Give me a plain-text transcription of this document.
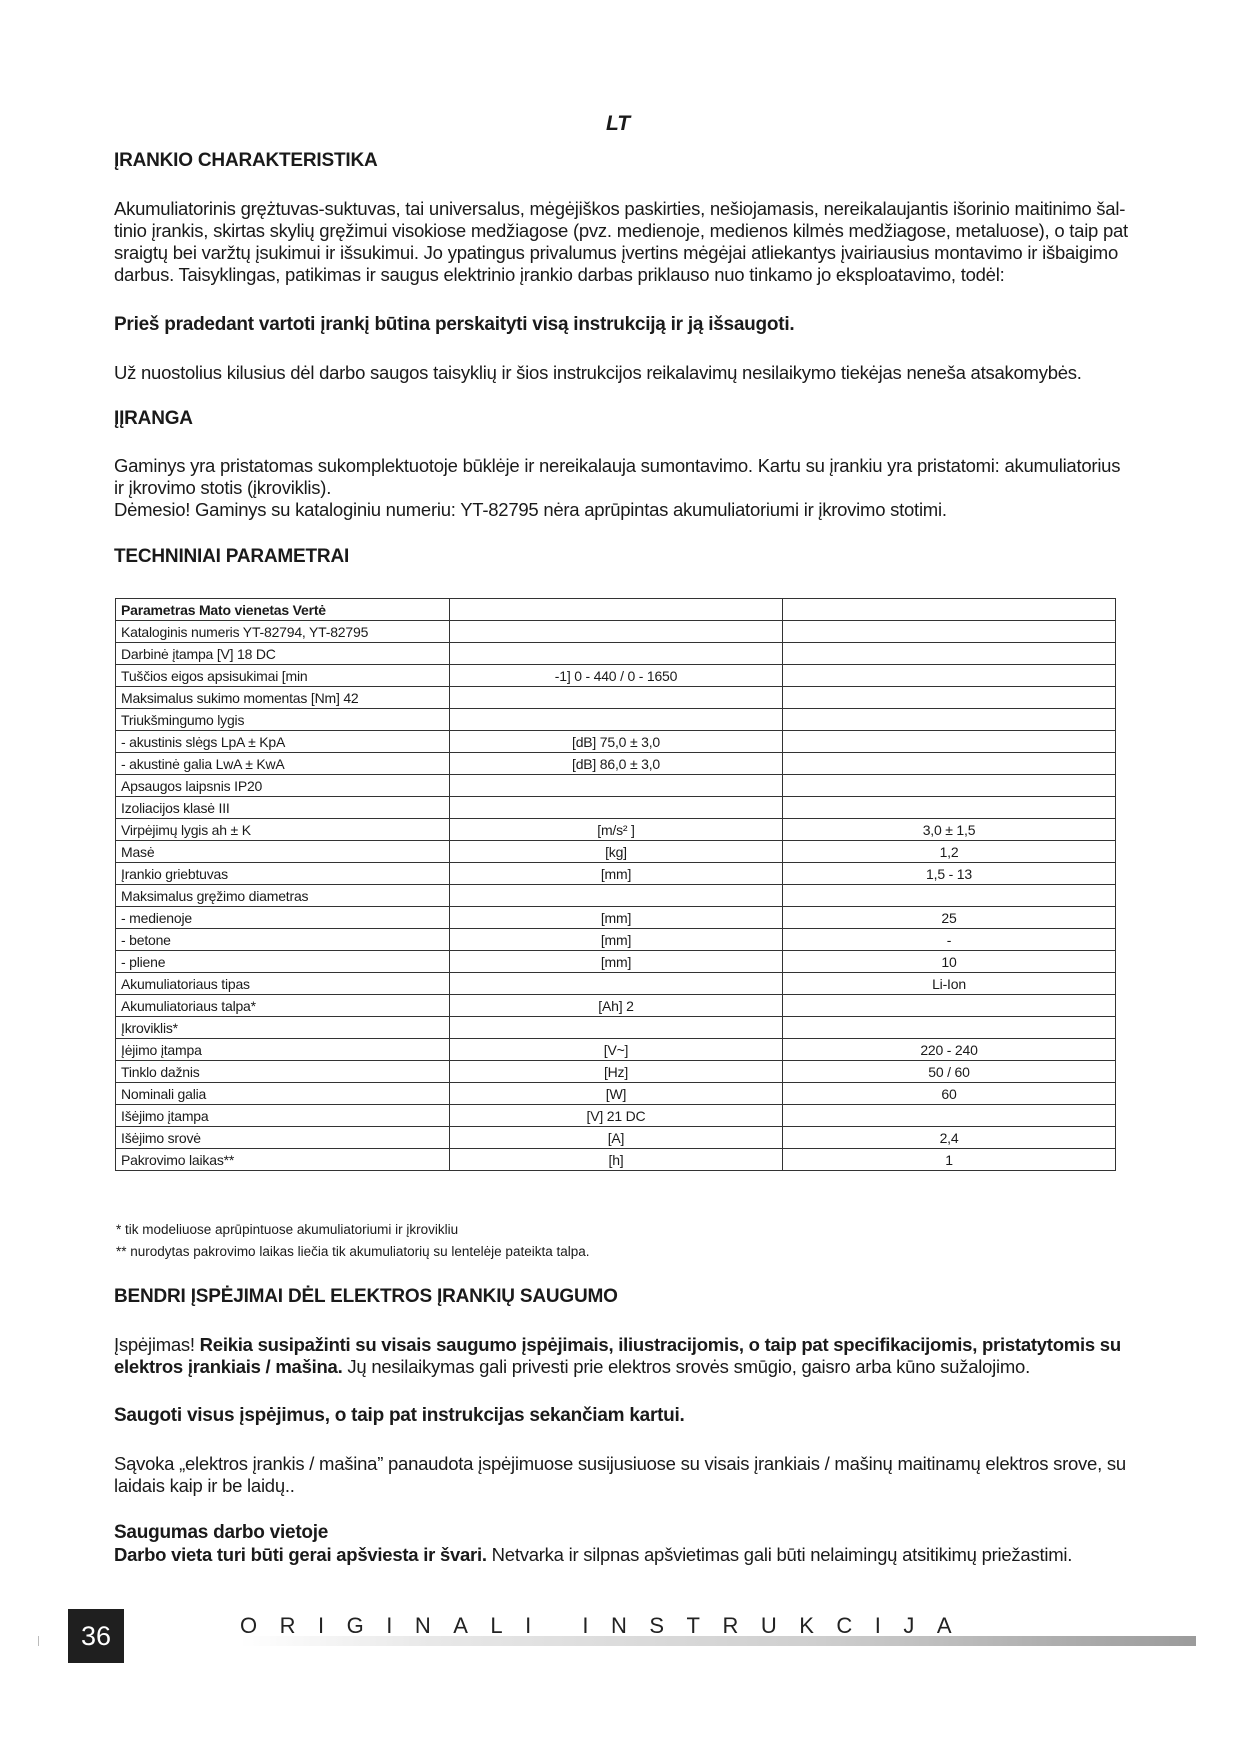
LT
ĮRANKIO CHARAKTERISTIKA
Akumuliatorinis grężtuvas-suktuvas, tai universalus, mėgėjiškos paskirties, nešiojamasis, nereikalaujantis išorinio maitinimo šal-
tinio įrankis, skirtas skylių gręžimui visokiose medžiagose (pvz. medienoje, medienos kilmės medžiagose, metaluose), o taip pat
sraigtų bei varžtų įsukimui ir išsukimui. Jo ypatingus privalumus įvertins mėgėjai atliekantys įvairiausius montavimo ir išbaigimo
darbus. Taisyklingas, patikimas ir saugus elektrinio įrankio darbas priklauso nuo tinkamo jo eksploatavimo, todėl:
Prieš pradedant vartoti įrankį būtina perskaityti visą instrukciją ir ją išsaugoti.
Už nuostolius kilusius dėl darbo saugos taisyklių ir šios instrukcijos reikalavimų nesilaikymo tiekėjas neneša atsakomybės.
ĮĮRANGA
Gaminys yra pristatomas sukomplektuotoje būklėje ir nereikalauja sumontavimo. Kartu su įrankiu yra pristatomi: akumuliatorius
ir įkrovimo stotis (įkroviklis).
Dėmesio! Gaminys su kataloginiu numeriu: YT-82795 nėra aprūpintas akumuliatoriumi ir įkrovimo stotimi.
TECHNINIAI PARAMETRAI
Parametras Mato vienetas Vertė		
Kataloginis numeris YT-82794, YT-82795		
Darbinė įtampa [V] 18 DC		
Tuščios eigos apsisukimai [min	-1] 0 - 440 / 0 - 1650	
Maksimalus sukimo momentas [Nm] 42		
Triukšmingumo lygis		
- akustinis slėgs LpA ± KpA	[dB] 75,0 ± 3,0	
- akustinė galia LwA ± KwA	[dB] 86,0 ± 3,0	
Apsaugos laipsnis IP20		
Izoliacijos klasė III		
Virpėjimų lygis ah ± K	[m/s² ]	3,0 ± 1,5
Masė	[kg]	1,2
Įrankio griebtuvas	[mm]	1,5 - 13
Maksimalus gręžimo diametras		
- medienoje	[mm]	25
- betone	[mm]	-
- pliene	[mm]	10
Akumuliatoriaus tipas		Li-Ion
Akumuliatoriaus talpa*	[Ah] 2	
Įkroviklis*		
Įėjimo įtampa	[V~]	220 - 240
Tinklo dažnis	[Hz]	50 / 60
Nominali galia	[W]	60
Išėjimo įtampa	[V] 21 DC	
Išėjimo srovė	[A]	2,4
Pakrovimo laikas**	[h]	1
* tik modeliuose aprūpintuose akumuliatoriumi ir įkrovikliu
** nurodytas pakrovimo laikas liečia tik akumuliatorių su lentelėje pateikta talpa.
BENDRI ĮSPĖJIMAI DĖL ELEKTROS ĮRANKIŲ SAUGUMO
Įspėjimas! Reikia susipažinti su visais saugumo įspėjimais, iliustracijomis, o taip pat specifikacijomis, pristatytomis su
elektros įrankiais / mašina. Jų nesilaikymas gali privesti prie elektros srovės smūgio, gaisro arba kūno sužalojimo.
Saugoti visus įspėjimus, o taip pat instrukcijas sekančiam kartui.
Sąvoka „elektros įrankis / mašina” panaudota įspėjimuose susijusiuose su visais įrankiais / mašinų maitinamų elektros srove, su
laidais kaip ir be laidų..
Saugumas darbo vietoje
Darbo vieta turi būti gerai apšviesta ir švari. Netvarka ir silpnas apšvietimas gali būti nelaimingų atsitikimų priežastimi.
36	ORIGINALI INSTRUKCIJA
